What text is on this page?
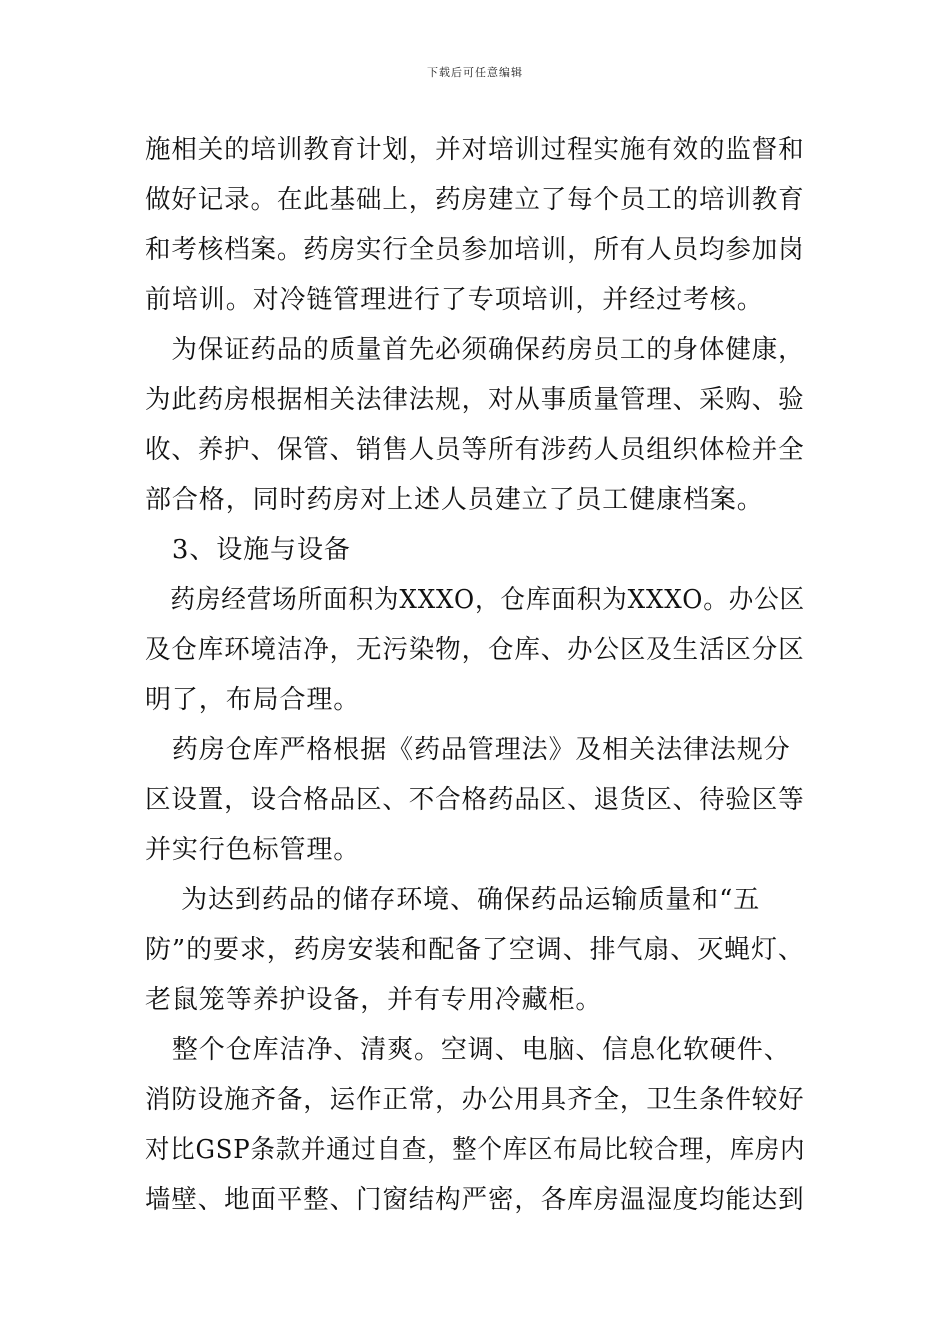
下载后可任意编辑
施相关的培训教育计划，并对培训过程实施有效的监督和
做好记录。在此基础上，药房建立了每个员工的培训教育
和考核档案。药房实行全员参加培训，所有人员均参加岗
前培训。对冷链管理进行了专项培训，并经过考核。
　为保证药品的质量首先必须确保药房员工的身体健康，
为此药房根据相关法律法规，对从事质量管理、采购、验
收、养护、保管、销售人员等所有涉药人员组织体检并全
部合格，同时药房对上述人员建立了员工健康档案。
　3、设施与设备
　药房经营场所面积为XXXO，仓库面积为XXXO。办公区
及仓库环境洁净，无污染物，仓库、办公区及生活区分区
明了，布局合理。
　药房仓库严格根据《药品管理法》及相关法律法规分
区设置，设合格品区、不合格药品区、退货区、待验区等
并实行色标管理。
　 为达到药品的储存环境、确保药品运输质量和“五
防”的要求，药房安装和配备了空调、排气扇、灭蝇灯、
老鼠笼等养护设备，并有专用冷藏柜。
　整个仓库洁净、清爽。空调、电脑、信息化软硬件、
消防设施齐备，运作正常，办公用具齐全，卫生条件较好
对比GSP条款并通过自查，整个库区布局比较合理，库房内
墙壁、地面平整、门窗结构严密，各库房温湿度均能达到
